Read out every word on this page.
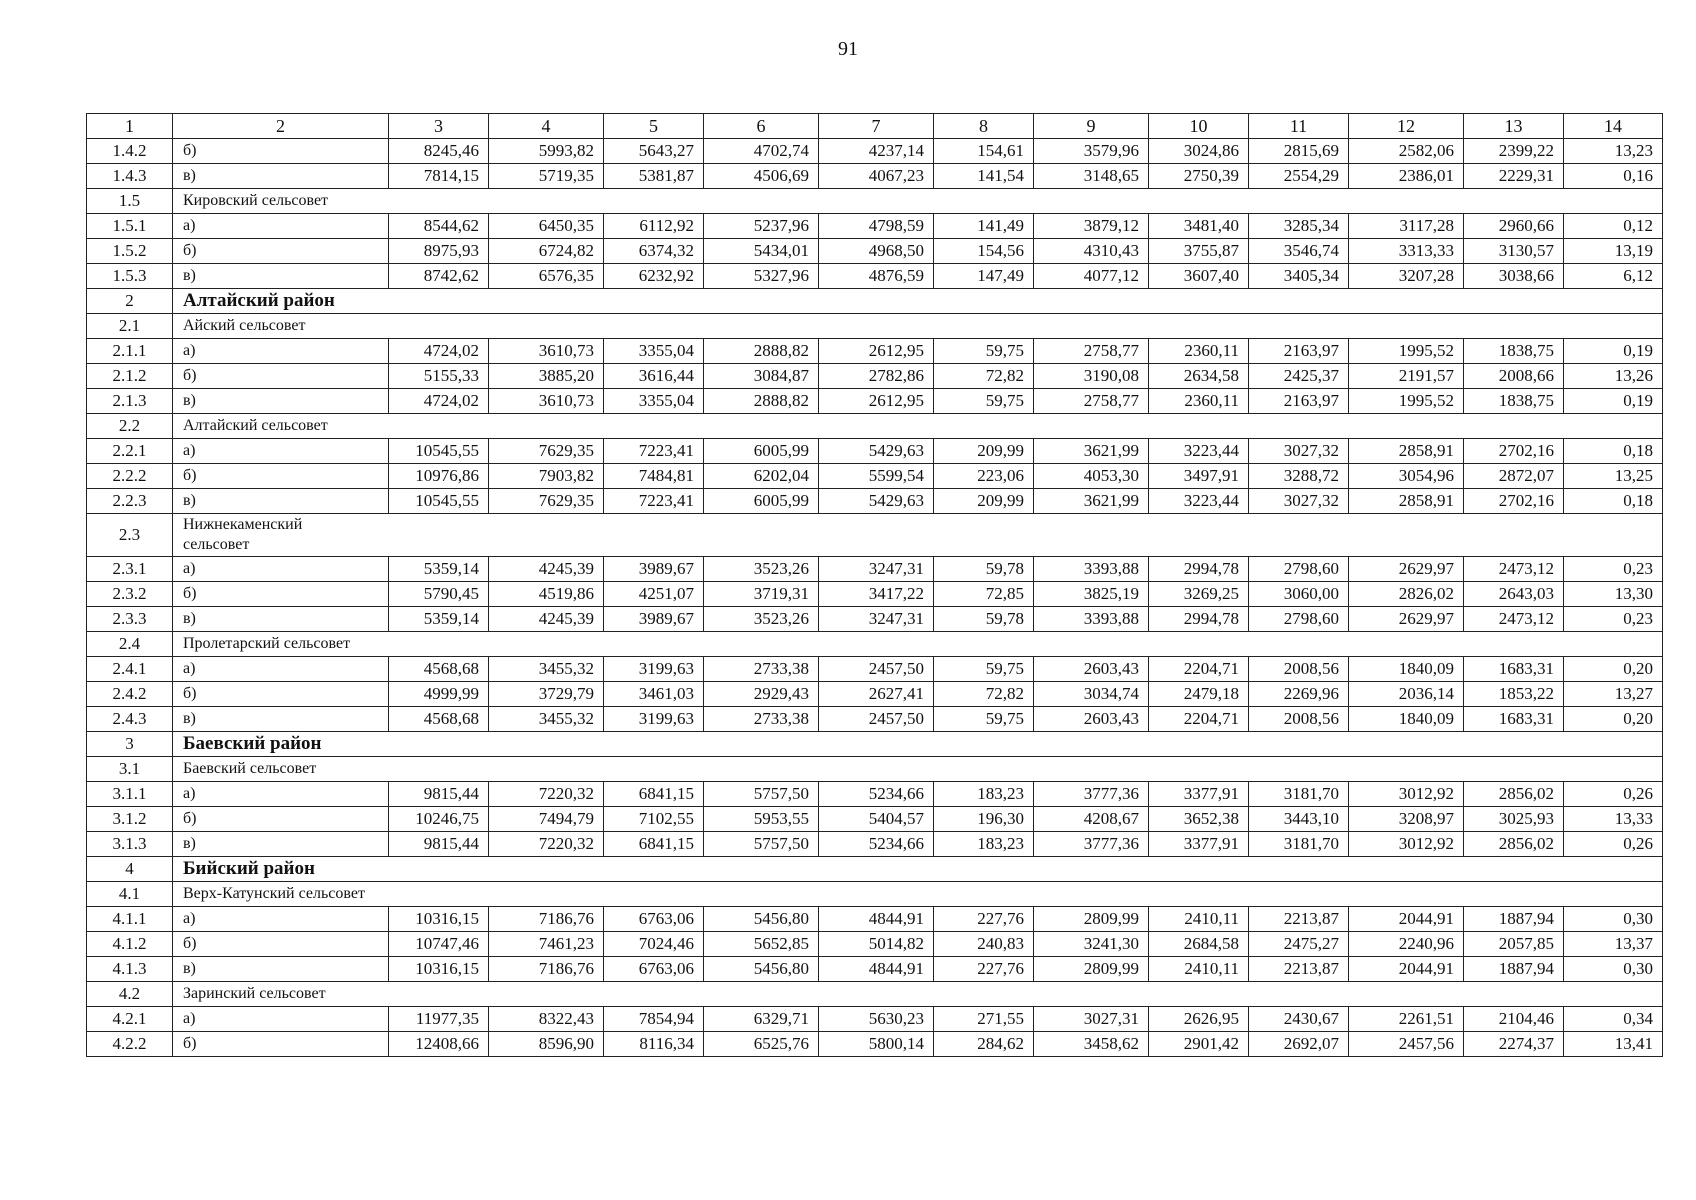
91
1	2	3	4	5	6	7	8	9	10	11	12	13	14
1.4.2	б)	8245,46	5993,82	5643,27	4702,74	4237,14	154,61	3579,96	3024,86	2815,69	2582,06	2399,22	13,23
1.4.3	в)	7814,15	5719,35	5381,87	4506,69	4067,23	141,54	3148,65	2750,39	2554,29	2386,01	2229,31	0,16
1.5	Кировский сельсовет												
1.5.1	а)	8544,62	6450,35	6112,92	5237,96	4798,59	141,49	3879,12	3481,40	3285,34	3117,28	2960,66	0,12
1.5.2	б)	8975,93	6724,82	6374,32	5434,01	4968,50	154,56	4310,43	3755,87	3546,74	3313,33	3130,57	13,19
1.5.3	в)	8742,62	6576,35	6232,92	5327,96	4876,59	147,49	4077,12	3607,40	3405,34	3207,28	3038,66	6,12
2	Алтайский район												
2.1	Айский сельсовет												
2.1.1	а)	4724,02	3610,73	3355,04	2888,82	2612,95	59,75	2758,77	2360,11	2163,97	1995,52	1838,75	0,19
2.1.2	б)	5155,33	3885,20	3616,44	3084,87	2782,86	72,82	3190,08	2634,58	2425,37	2191,57	2008,66	13,26
2.1.3	в)	4724,02	3610,73	3355,04	2888,82	2612,95	59,75	2758,77	2360,11	2163,97	1995,52	1838,75	0,19
2.2	Алтайский сельсовет												
2.2.1	а)	10545,55	7629,35	7223,41	6005,99	5429,63	209,99	3621,99	3223,44	3027,32	2858,91	2702,16	0,18
2.2.2	б)	10976,86	7903,82	7484,81	6202,04	5599,54	223,06	4053,30	3497,91	3288,72	3054,96	2872,07	13,25
2.2.3	в)	10545,55	7629,35	7223,41	6005,99	5429,63	209,99	3621,99	3223,44	3027,32	2858,91	2702,16	0,18
2.3	Нижнекаменский сельсовет												
2.3.1	а)	5359,14	4245,39	3989,67	3523,26	3247,31	59,78	3393,88	2994,78	2798,60	2629,97	2473,12	0,23
2.3.2	б)	5790,45	4519,86	4251,07	3719,31	3417,22	72,85	3825,19	3269,25	3060,00	2826,02	2643,03	13,30
2.3.3	в)	5359,14	4245,39	3989,67	3523,26	3247,31	59,78	3393,88	2994,78	2798,60	2629,97	2473,12	0,23
2.4	Пролетарский сельсовет												
2.4.1	а)	4568,68	3455,32	3199,63	2733,38	2457,50	59,75	2603,43	2204,71	2008,56	1840,09	1683,31	0,20
2.4.2	б)	4999,99	3729,79	3461,03	2929,43	2627,41	72,82	3034,74	2479,18	2269,96	2036,14	1853,22	13,27
2.4.3	в)	4568,68	3455,32	3199,63	2733,38	2457,50	59,75	2603,43	2204,71	2008,56	1840,09	1683,31	0,20
3	Баевский район												
3.1	Баевский сельсовет												
3.1.1	а)	9815,44	7220,32	6841,15	5757,50	5234,66	183,23	3777,36	3377,91	3181,70	3012,92	2856,02	0,26
3.1.2	б)	10246,75	7494,79	7102,55	5953,55	5404,57	196,30	4208,67	3652,38	3443,10	3208,97	3025,93	13,33
3.1.3	в)	9815,44	7220,32	6841,15	5757,50	5234,66	183,23	3777,36	3377,91	3181,70	3012,92	2856,02	0,26
4	Бийский район												
4.1	Верх-Катунский сельсовет												
4.1.1	а)	10316,15	7186,76	6763,06	5456,80	4844,91	227,76	2809,99	2410,11	2213,87	2044,91	1887,94	0,30
4.1.2	б)	10747,46	7461,23	7024,46	5652,85	5014,82	240,83	3241,30	2684,58	2475,27	2240,96	2057,85	13,37
4.1.3	в)	10316,15	7186,76	6763,06	5456,80	4844,91	227,76	2809,99	2410,11	2213,87	2044,91	1887,94	0,30
4.2	Заринский сельсовет												
4.2.1	а)	11977,35	8322,43	7854,94	6329,71	5630,23	271,55	3027,31	2626,95	2430,67	2261,51	2104,46	0,34
4.2.2	б)	12408,66	8596,90	8116,34	6525,76	5800,14	284,62	3458,62	2901,42	2692,07	2457,56	2274,37	13,41
